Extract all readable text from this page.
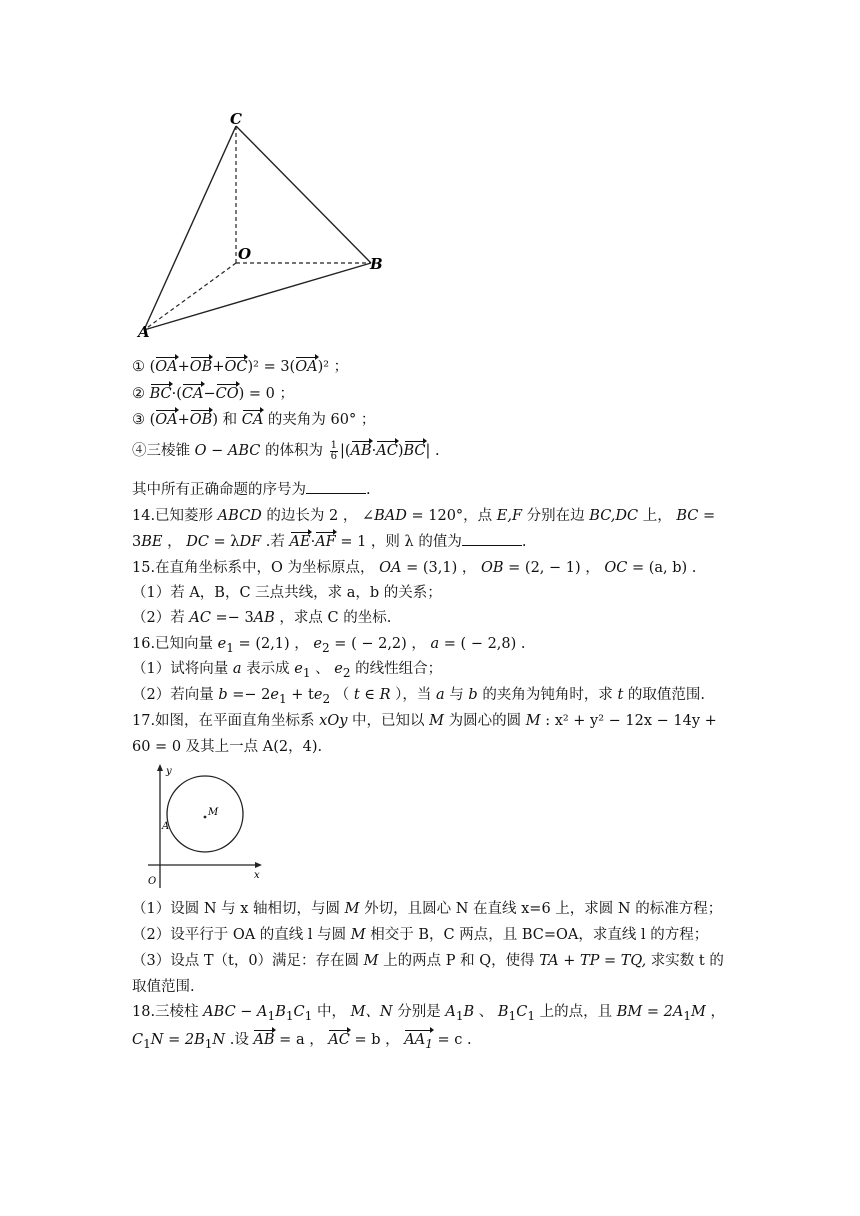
C
O
B
A
① (OA+OB+OC)² = 3(OA)² ；
② BC·(CA−CO) = 0 ；
③ (OA+OB) 和 CA 的夹角为 60° ；
④三棱锥 O − ABC 的体积为 $\frac{1}{6} |(AB\cdot AC)BC|$ .
其中所有正确命题的序号为	.
14.已知菱形 ABCD 的边长为 2 ， ∠BAD = 120°，点 E,F 分别在边 BC,DC 上， BC =
3BE ， DC = λDF .若 AE·AF = 1 ，则 λ 的值为	.
15.在直角坐标系中，O 为坐标原点， OA = (3,1) ， OB = (2, − 1) ， OC = (a, b) .
（1）若 A，B，C 三点共线，求 a，b 的关系；
（2）若 AC =− 3AB ，求点 C 的坐标.
16.已知向量 $e_1 = (2,1)$ ， $e_2$ = ( − 2,2) ， a = ( − 2,8) .
（1）试将向量 a 表示成 $e_1$ 、 $e_2$ 的线性组合；
（2）若向量 $b =- 2e_1 + te_2$ （ t ∈ R ），当 a 与 b 的夹角为钝角时，求 t 的取值范围.
17.如图，在平面直角坐标系 xOy 中，已知以 M 为圆心的圆 M : x² + y² − 12x − 14y +
60 = 0 及其上一点 A(2，4).
y
x
O
A
M
（1）设圆 N 与 x 轴相切，与圆 M 外切，且圆心 N 在直线 x=6 上，求圆 N 的标准方程；
（2）设平行于 OA 的直线 l 与圆 M 相交于 B，C 两点，且 BC=OA，求直线 l 的方程；
（3）设点 T（t，0）满足：存在圆 M 上的两点 P 和 Q，使得 TA + TP = TQ, 求实数 t 的
取值范围.
18.三棱柱 ABC − $A_1B_1C_1$ 中， M、N 分别是 $A_1B$ 、 $B_1C_1$ 上的点，且 BM = $2A_1M$ ，
$C_1N = 2B_1N$ .设 AB = a ， AC = b ， $AA_1 = c$ .
